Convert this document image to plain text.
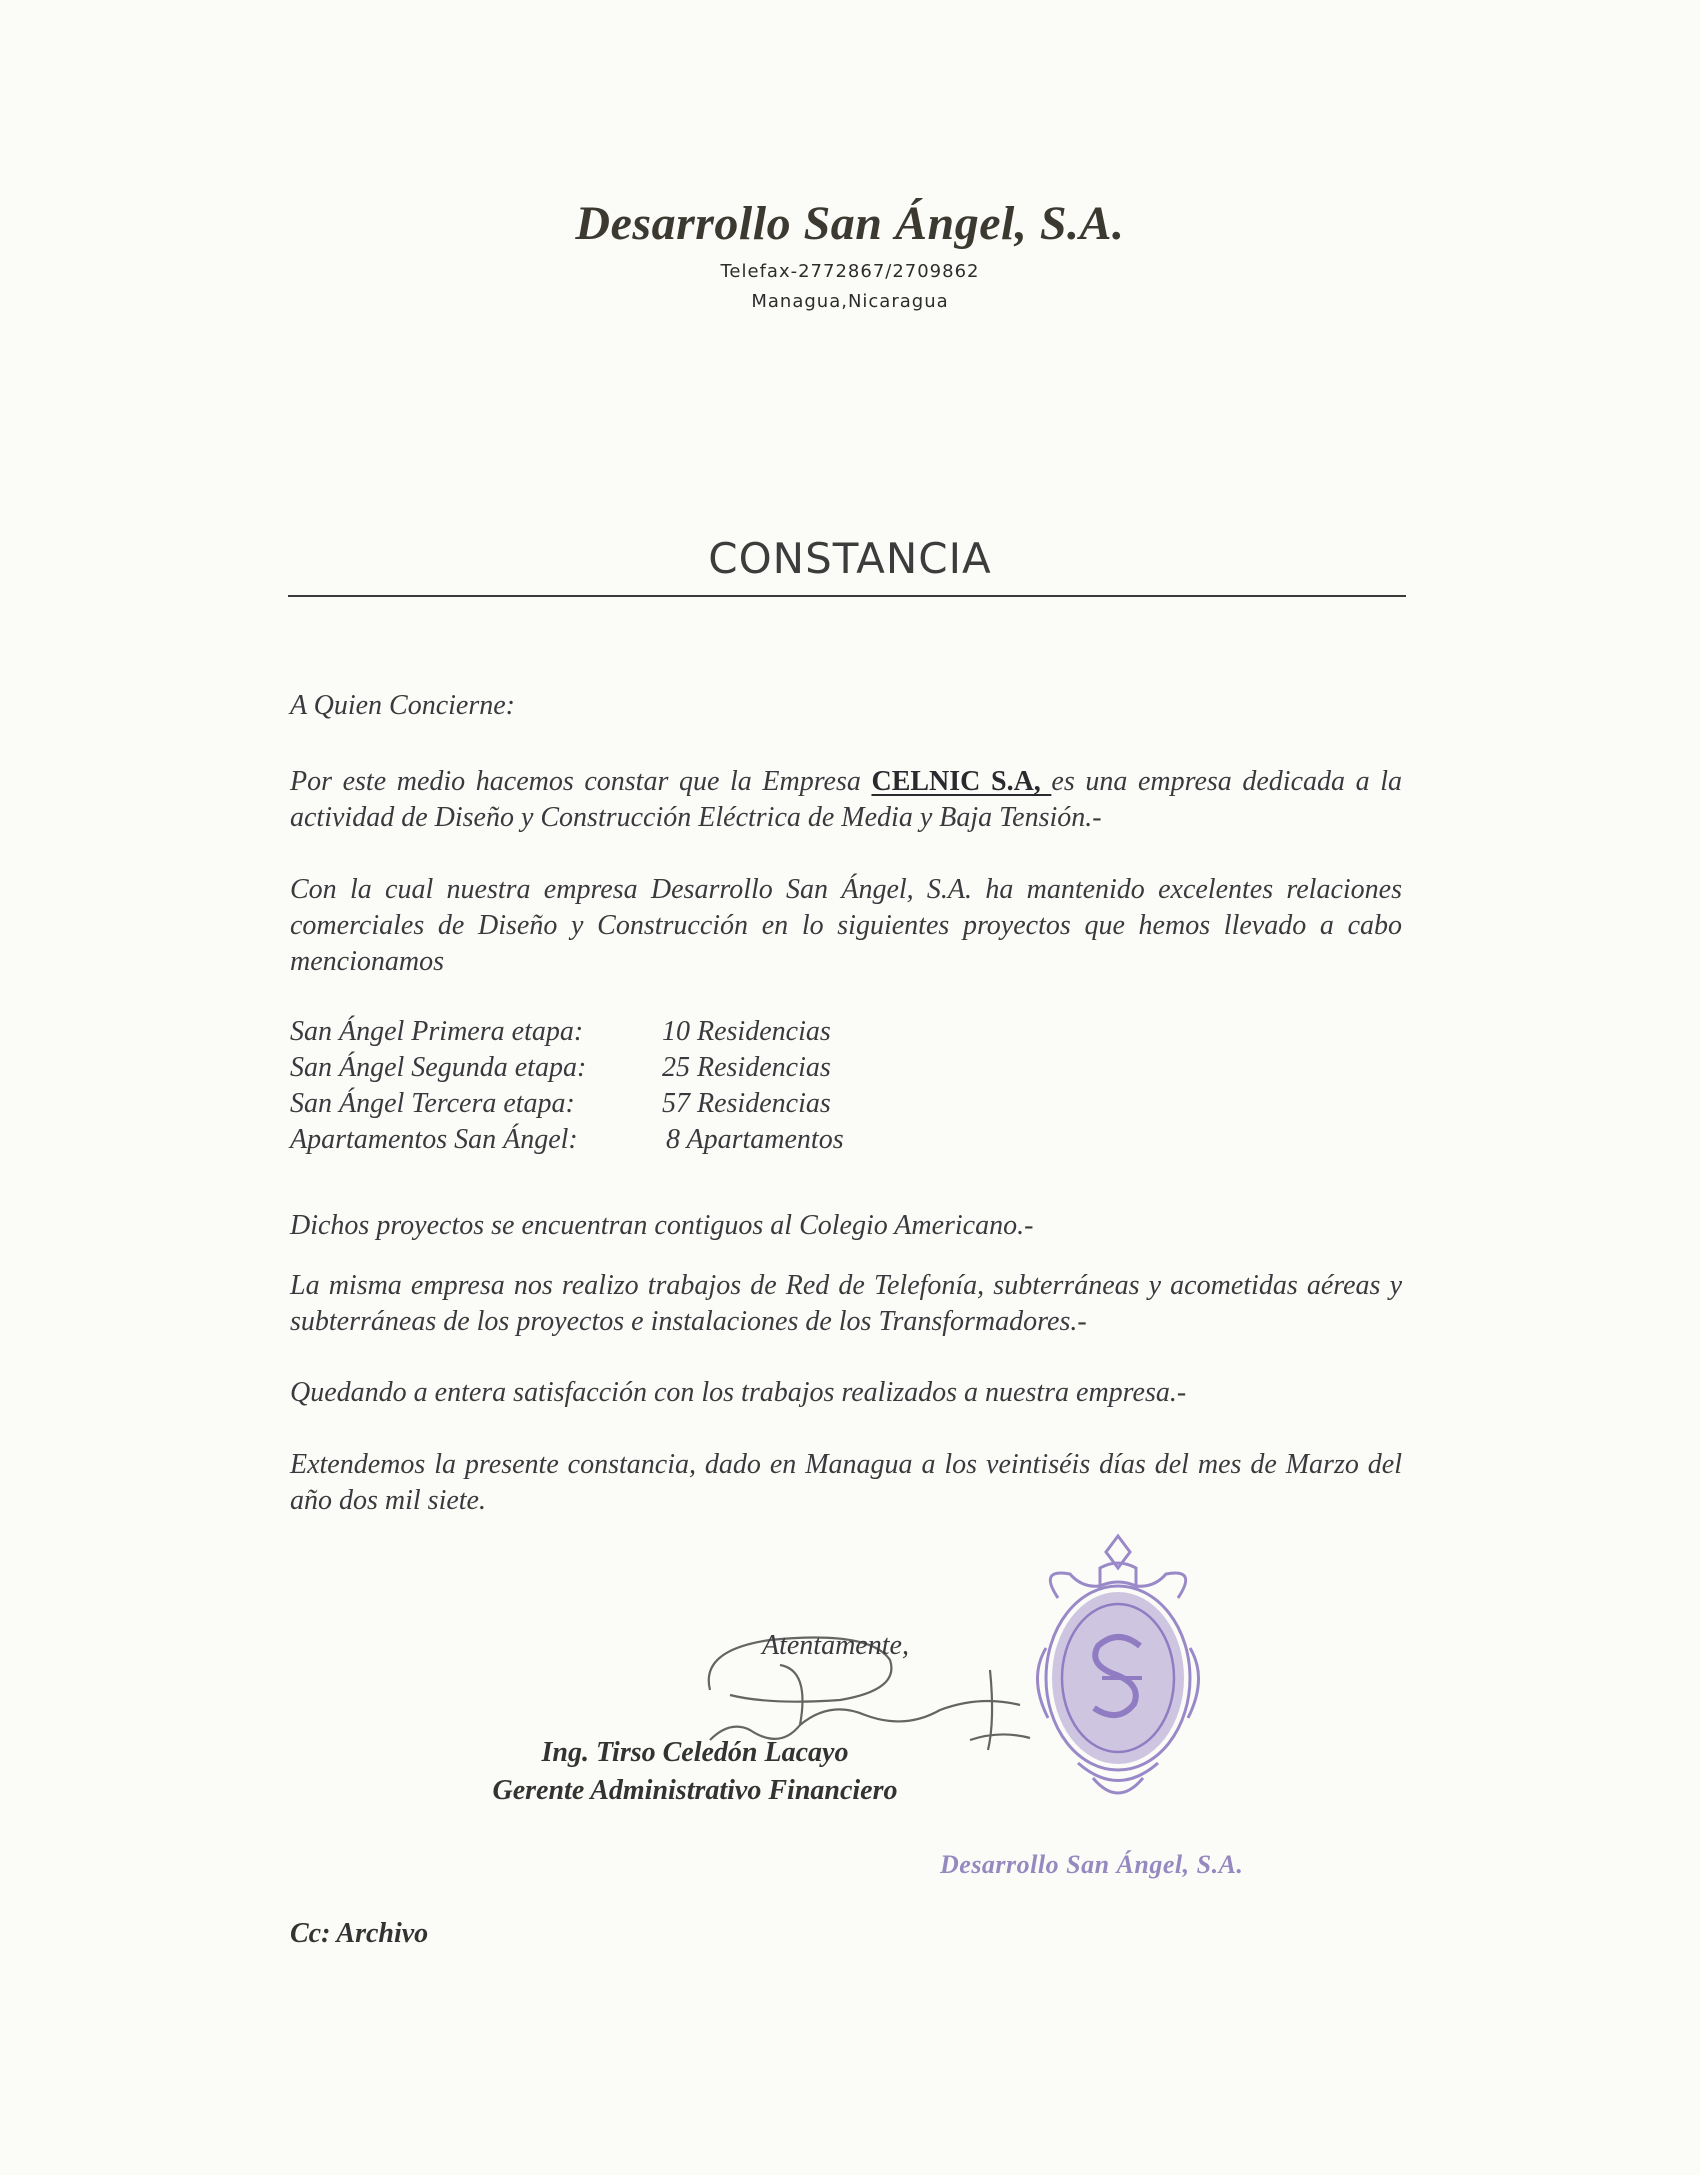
Desarrollo San Ángel, S.A.
Telefax-2772867/2709862
Managua,Nicaragua
CONSTANCIA
A Quien Concierne:
Por este medio hacemos constar que la Empresa CELNIC S.A, es una empresa dedicada a la actividad de Diseño y Construcción Eléctrica de Media y Baja Tensión.-
Con la cual nuestra empresa Desarrollo San Ángel, S.A. ha mantenido excelentes relaciones comerciales de Diseño y Construcción en lo siguientes proyectos que hemos llevado a cabo mencionamos
San Ángel Primera etapa:	10 Residencias
San Ángel Segunda etapa:	25 Residencias
San Ángel Tercera etapa:	57 Residencias
Apartamentos San Ángel:	8 Apartamentos
Dichos proyectos se encuentran contiguos al Colegio Americano.-
La misma empresa nos realizo trabajos de Red de Telefonía, subterráneas y acometidas aéreas y subterráneas de los proyectos e instalaciones de los Transformadores.-
Quedando a entera satisfacción con los trabajos realizados a nuestra empresa.-
Extendemos la presente constancia, dado en Managua a los veintiséis días del mes de Marzo del año dos mil siete.
Atentamente,
Ing. Tirso Celedón Lacayo
Gerente Administrativo Financiero
Desarrollo San Ángel, S.A.
Cc: Archivo
